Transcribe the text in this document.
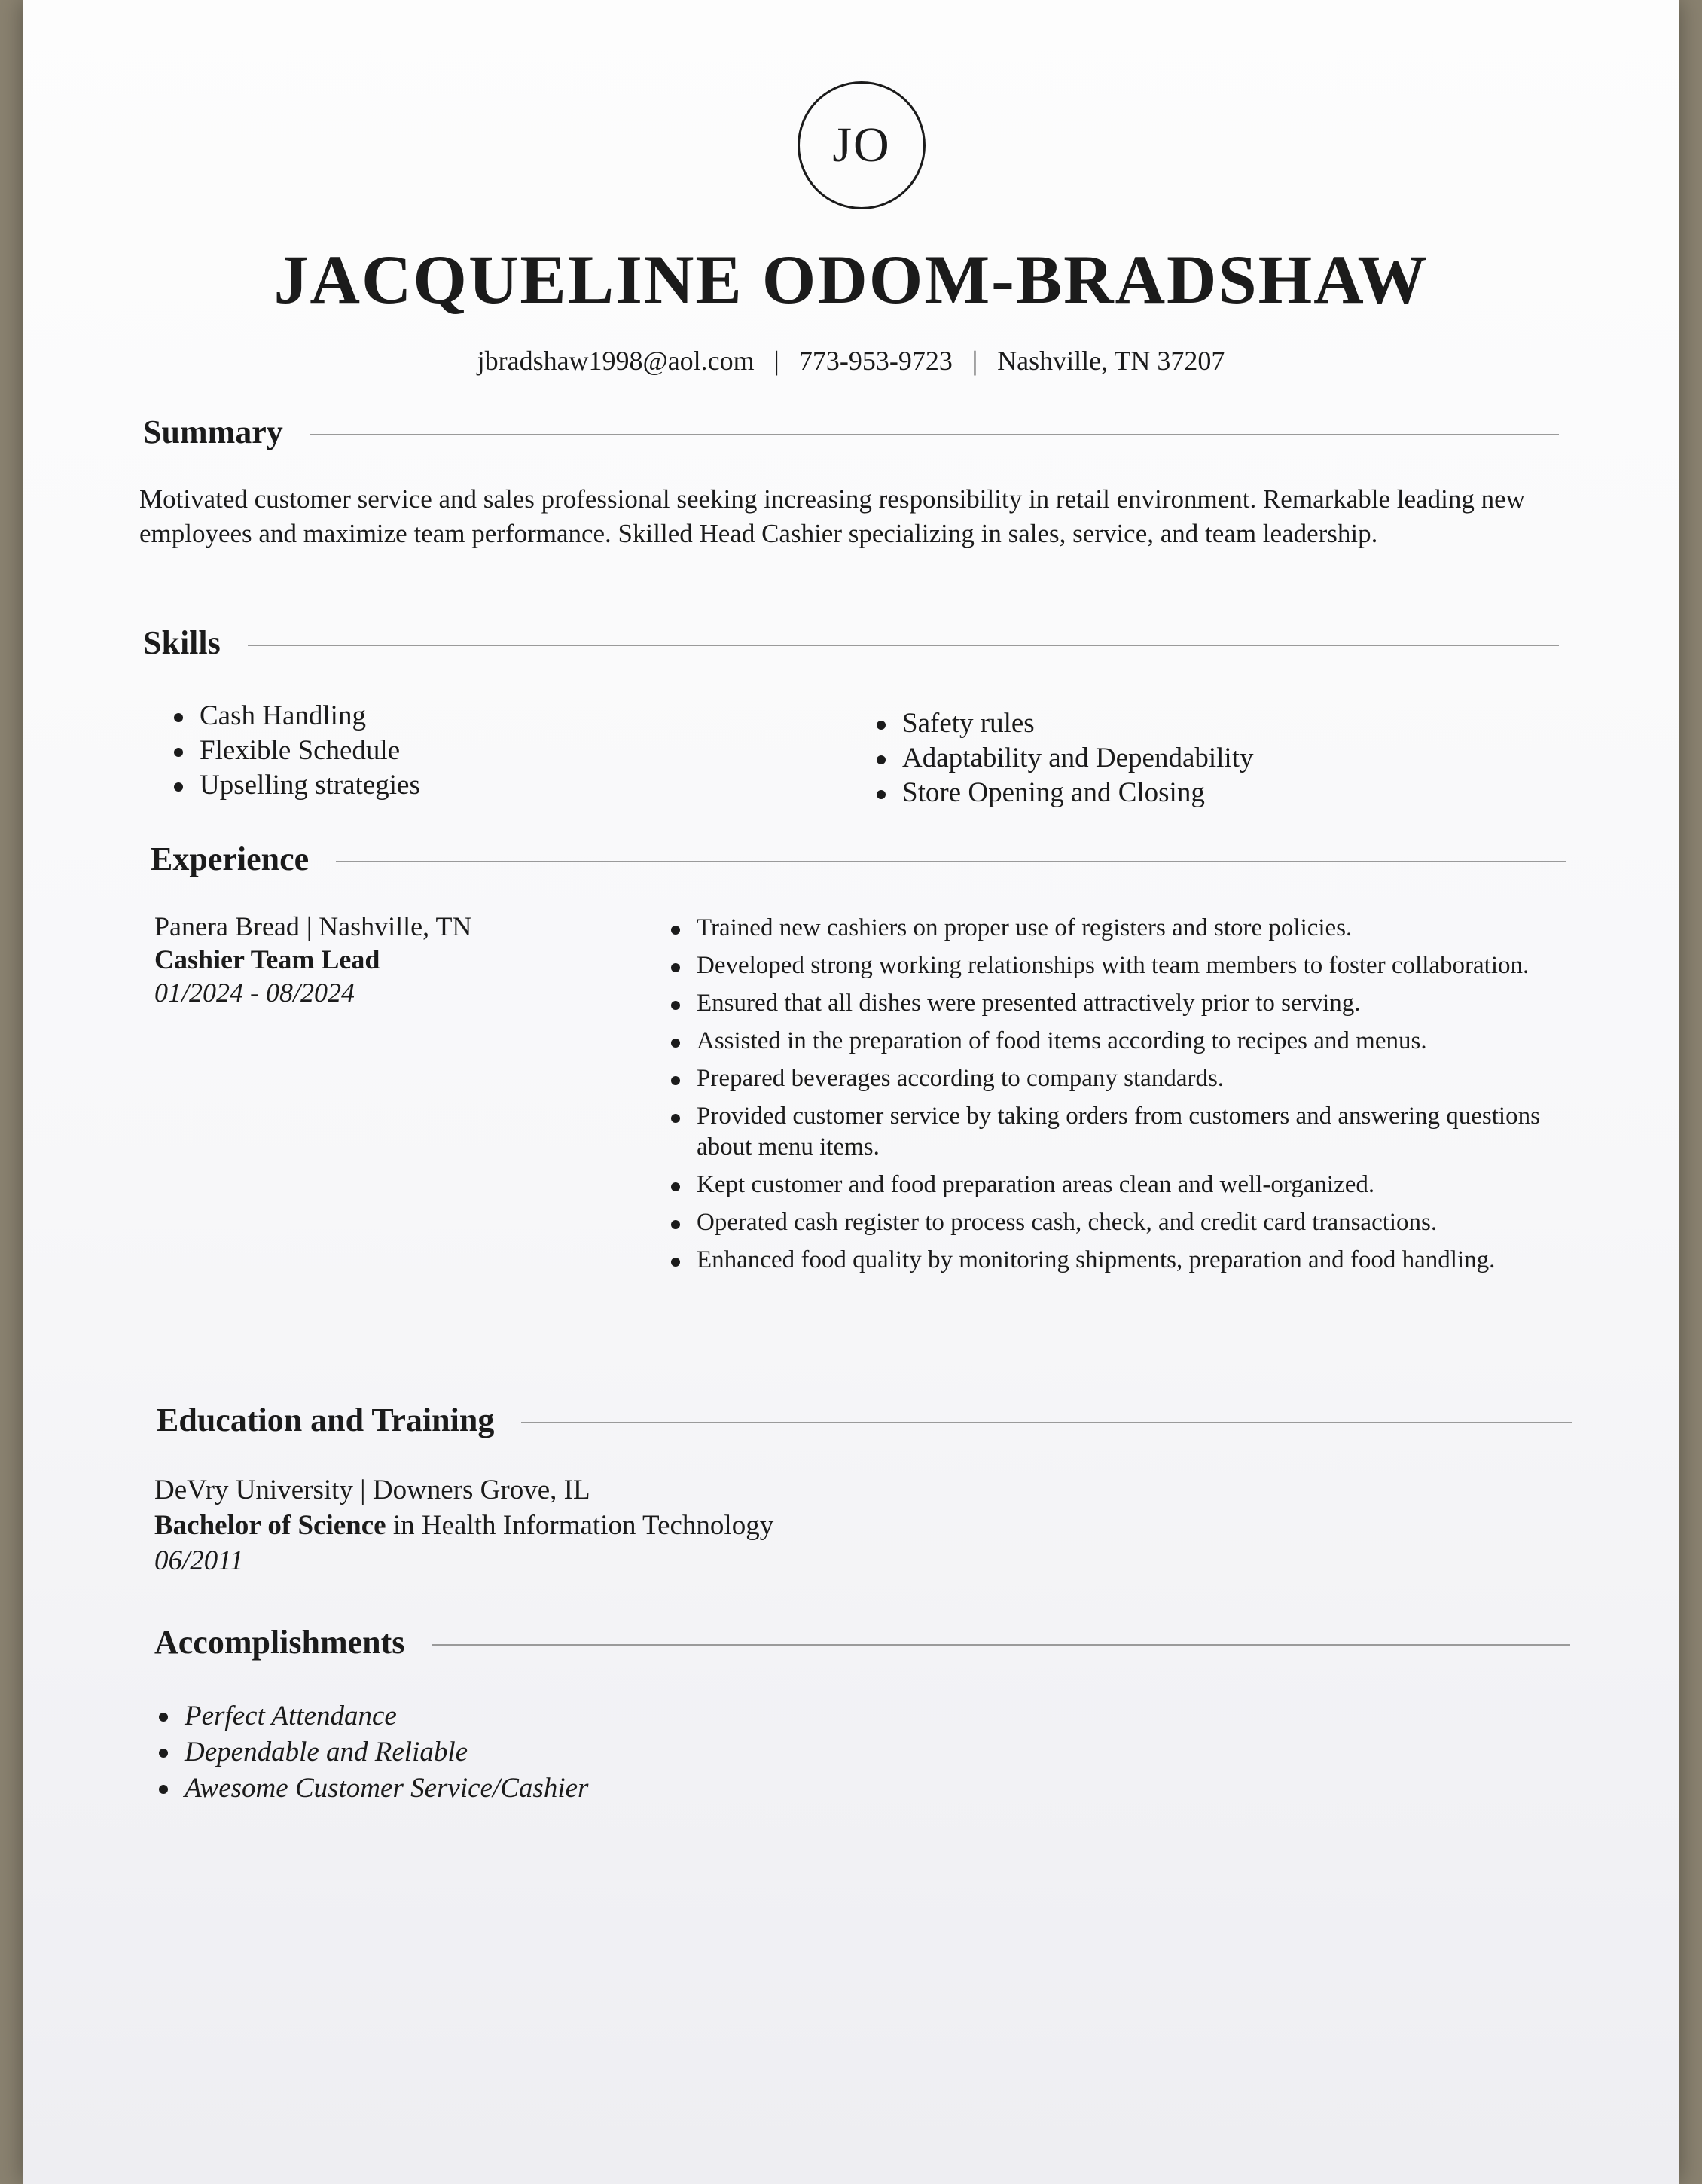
JO
JACQUELINE ODOM-BRADSHAW
jbradshaw1998@aol.com | 773-953-9723 | Nashville, TN 37207
Summary

Motivated customer service and sales professional seeking increasing responsibility in retail environment. Remarkable leading new employees and maximize team performance. Skilled Head Cashier specializing in sales, service, and team leadership.

Skills
Cash Handling
Flexible Schedule
Upselling strategies
Safety rules
Adaptability and Dependability
Store Opening and Closing
Experience
Panera Bread | Nashville, TN
Cashier Team Lead
01/2024 - 08/2024
Trained new cashiers on proper use of registers and store policies.
Developed strong working relationships with team members to foster collaboration.
Ensured that all dishes were presented attractively prior to serving.
Assisted in the preparation of food items according to recipes and menus.
Prepared beverages according to company standards.
Provided customer service by taking orders from customers and answering questions about menu items.
Kept customer and food preparation areas clean and well-organized.
Operated cash register to process cash, check, and credit card transactions.
Enhanced food quality by monitoring shipments, preparation and food handling.
Education and Training
DeVry University | Downers Grove, IL
Bachelor of Science in Health Information Technology
06/2011
Accomplishments
Perfect Attendance
Dependable and Reliable
Awesome Customer Service/Cashier
